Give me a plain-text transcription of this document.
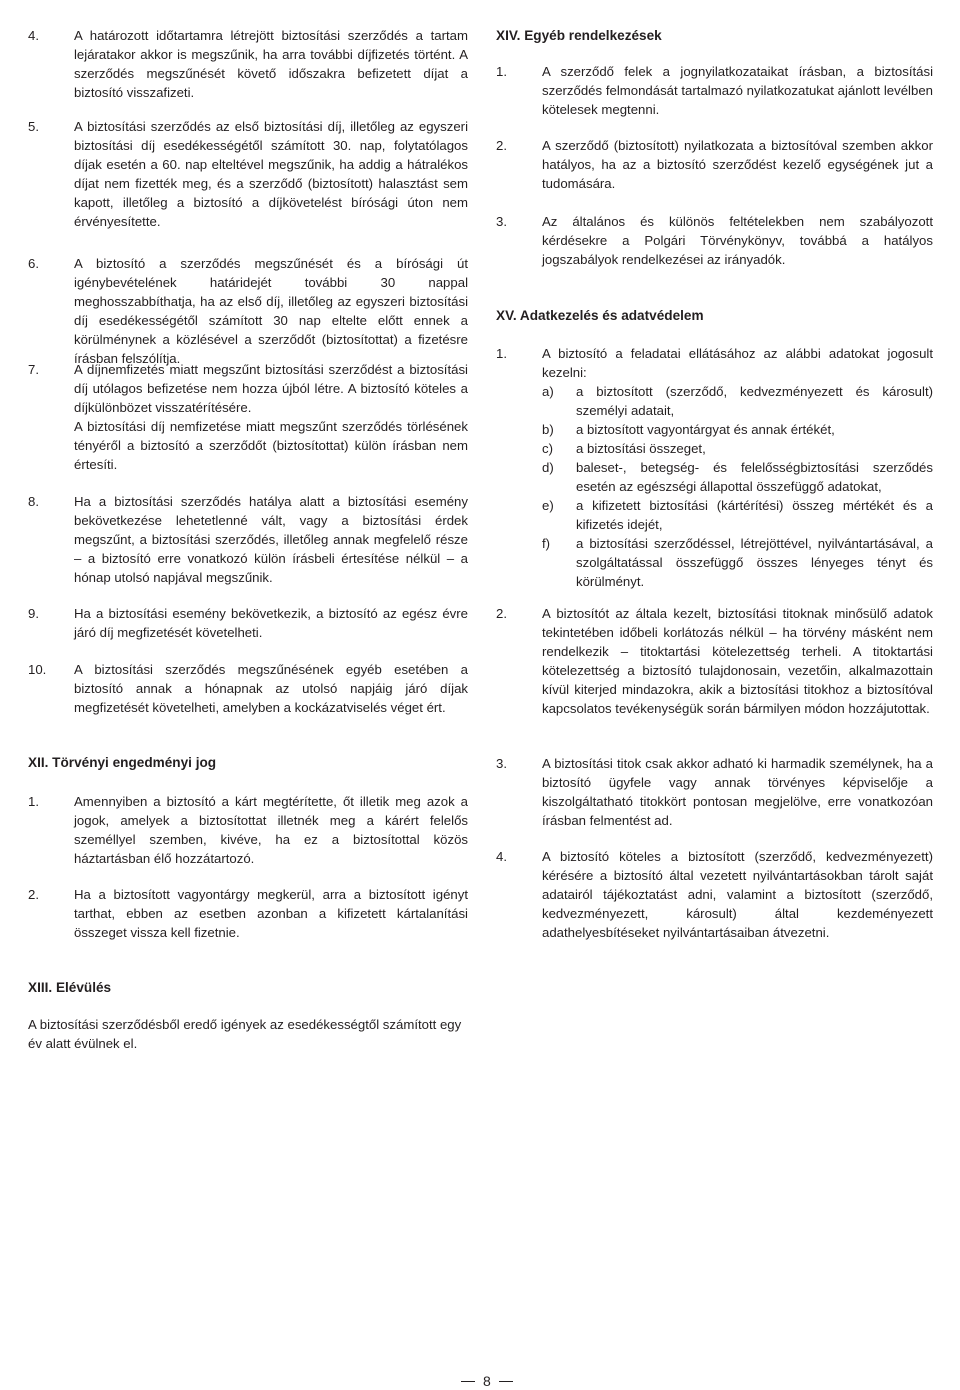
4.	A határozott időtartamra létrejött biztosítási szerződés a tartam lejáratakor akkor is megszűnik, ha arra további díjfizetés történt. A szerződés megszűnését követő időszakra befizetett díjat a biztosító visszafizeti.
5.	A biztosítási szerződés az első biztosítási díj, illetőleg az egyszeri biztosítási díj esedékességétől számított 30. nap, folytatólagos díjak esetén a 60. nap elteltével megszűnik, ha addig a hátralékos díjat nem fizették meg, és a szerződő (biztosított) halasztást sem kapott, illetőleg a biztosító a díjkövetelést bírósági úton nem érvényesítette.
6.	A biztosító a szerződés megszűnését és a bírósági út igénybevételének határidejét további 30 nappal meghosszabbíthatja, ha az első díj, illetőleg az egyszeri biztosítási díj esedékességétől számított 30 nap eltelte előtt ennek a körülménynek a közlésével a szerződőt (biztosítottat) a fizetésre írásban felszólítja.
7.	A díjnemfizetés miatt megszűnt biztosítási szerződést a biztosítási díj utólagos befizetése nem hozza újból létre. A biztosító köteles a díjkülönbözet visszatérítésére.

A biztosítási díj nemfizetése miatt megszűnt szerződés törlésének tényéről a biztosító a szerződőt (biztosítottat) külön írásban nem értesíti.

8.	Ha a biztosítási szerződés hatálya alatt a biztosítási esemény bekövetkezése lehetetlenné vált, vagy a biztosítási érdek megszűnt, a biztosítási szerződés, illetőleg annak megfelelő része – a biztosító erre vonatkozó külön írásbeli értesítése nélkül – a hónap utolsó napjával megszűnik.
9.	Ha a biztosítási esemény bekövetkezik, a biztosító az egész évre járó díj megfizetését követelheti.
10.	A biztosítási szerződés megszűnésének egyéb esetében a biztosító annak a hónapnak az utolsó napjáig járó díjak megfizetését követelheti, amelyben a kockázatviselés véget ért.
XII. Törvényi engedményi jog
1.	Amennyiben a biztosító a kárt megtérítette, őt illetik meg azok a jogok, amelyek a biztosítottat illetnék meg a kárért felelős személlyel szemben, kivéve, ha ez a biztosítottal közös háztartásban élő hozzátartozó.
2.	Ha a biztosított vagyontárgy megkerül, arra a biztosított igényt tarthat, ebben az esetben azonban a kifizetett kártalanítási összeget vissza kell fizetnie.
XIV. Egyéb rendelkezések
1.	A szerződő felek a jognyilatkozataikat írásban, a biztosítási szerződés felmondását tartalmazó nyilatkozatukat ajánlott levélben kötelesek megtenni.
2.	A szerződő (biztosított) nyilatkozata a biztosítóval szemben akkor hatályos, ha az a biztosító szerződést kezelő egységének jut a tudomására.
3.	Az általános és különös feltételekben nem szabályozott kérdésekre a Polgári Törvénykönyv, továbbá a hatályos jogszabályok rendelkezései az irányadók.
XV. Adatkezelés és adatvédelem
1.	A biztosító a feladatai ellátásához az alábbi adatokat jogosult kezelni:

a)	a biztosított (szerződő, kedvezményezett és károsult) személyi adatait,
b)	a biztosított vagyontárgyat és annak értékét,
c)	a biztosítási összeget,
d)	baleset-, betegség- és felelősségbiztosítási szerződés esetén az egészségi állapottal összefüggő adatokat,
e)	a kifizetett biztosítási (kártérítési) összeg mértékét és a kifizetés idejét,
f)	a biztosítási szerződéssel, létrejöttével, nyilvántartásával, a szolgáltatással összefüggő összes lényeges tényt és körülményt.
2.	A biztosítót az általa kezelt, biztosítási titoknak minősülő adatok tekintetében időbeli korlátozás nélkül – ha törvény másként nem rendelkezik – titoktartási kötelezettség terheli. A titoktartási kötelezettség a biztosító tulajdonosain, vezetőin, alkalmazottain kívül kiterjed mindazokra, akik a biztosítási titokhoz a biztosítóval kapcsolatos tevékenységük során bármilyen módon hozzájutottak.
3.	A biztosítási titok csak akkor adható ki harmadik személynek, ha a biztosító ügyfele vagy annak törvényes képviselője a kiszolgáltatható titokkört pontosan megjelölve, erre vonatkozóan írásban felmentést ad.
4.	A biztosító köteles a biztosított (szerződő, kedvezményezett) kérésére a biztosító által vezetett nyilvántartásokban tárolt saját adatairól tájékoztatást adni, valamint a biztosított (szerződő, kedvezményezett, károsult) által kezdeményezett adathelyesbítéseket nyilvántartásaiban átvezetni.
XIII. Elévülés

A biztosítási szerződésből eredő igények az esedékességtől számított egy év alatt évülnek el.

8
